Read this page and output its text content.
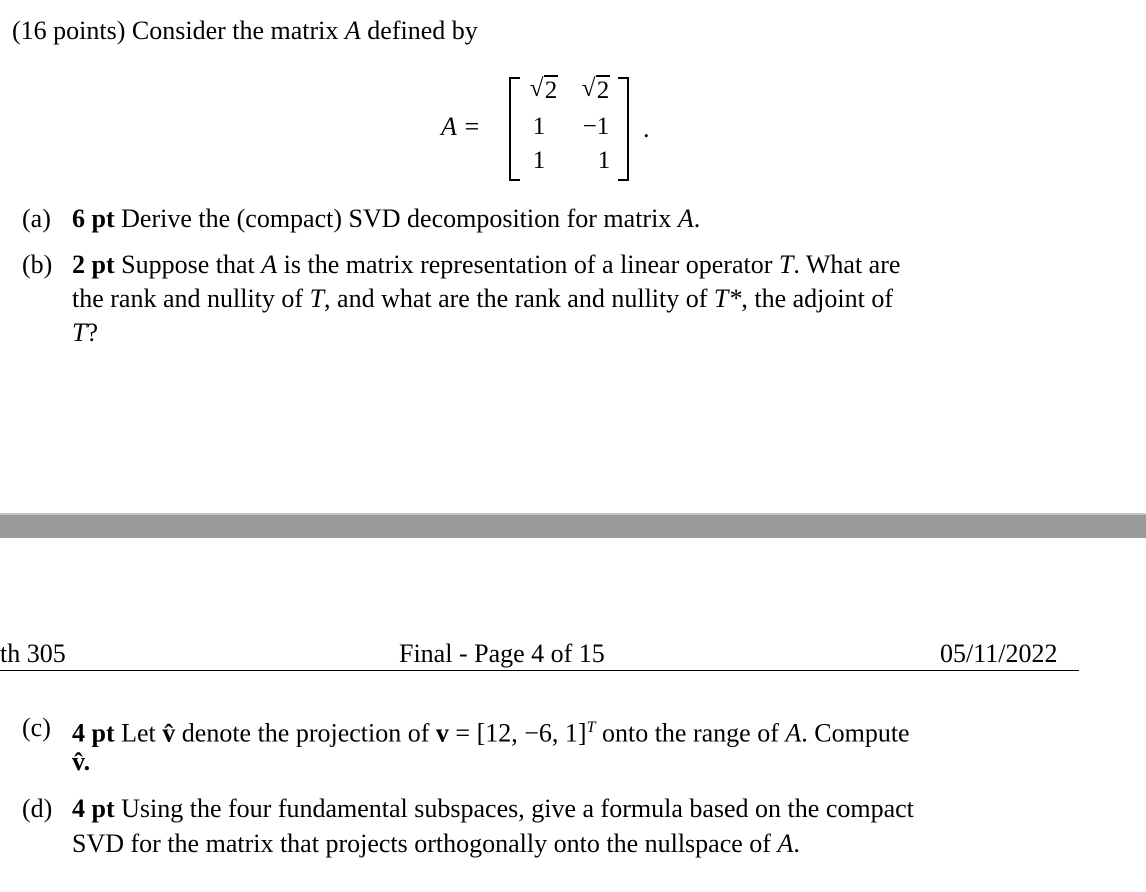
(16 points) Consider the matrix A defined by
A =
√ 2 √ 2
1	−1
1	1
.
(a) 6 pt Derive the (compact) SVD decomposition for matrix A.
(b) 2 pt Suppose that A is the matrix representation of a linear operator T. What are
the rank and nullity of T, and what are the rank and nullity of T*, the adjoint of
T?
th 305	Final - Page 4 of 15	05/11/2022
(c) 4 pt Let v̂ denote the projection of v = [12, −6, 1]$^T$ onto the range of A. Compute
v̂.
(d) 4 pt Using the four fundamental subspaces, give a formula based on the compact
SVD for the matrix that projects orthogonally onto the nullspace of A.
